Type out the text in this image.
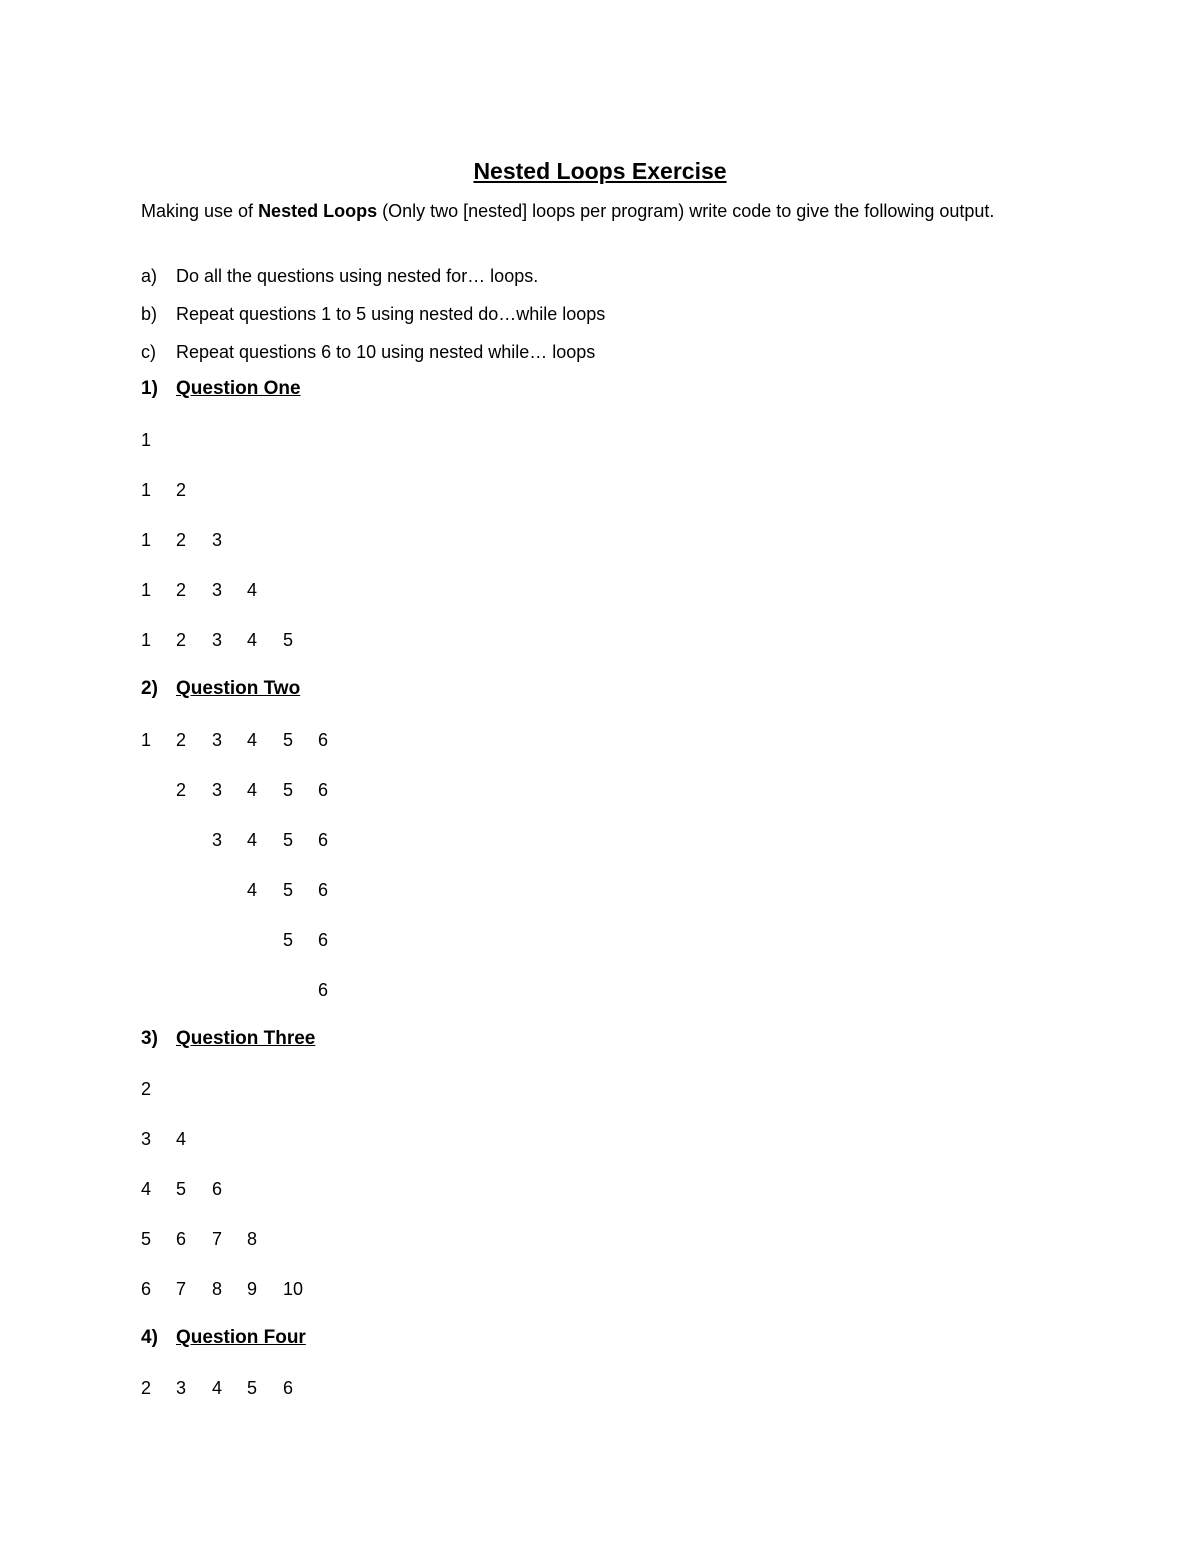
Nested Loops Exercise
Making use of Nested Loops (Only two [nested] loops per program) write code to give the following output.
a) Do all the questions using nested for… loops.
b) Repeat questions 1 to 5 using nested do…while loops
c) Repeat questions 6 to 10 using nested while… loops
1) Question One
1
1 2
1 2 3
1 2 3 4
1 2 3 4 5
2) Question Two
1 2 3 4 5 6
2 3 4 5 6
3 4 5 6
4 5 6
5 6
6
3) Question Three
2
3 4
4 5 6
5 6 7 8
6 7 8 9 10
4) Question Four
2 3 4 5 6
